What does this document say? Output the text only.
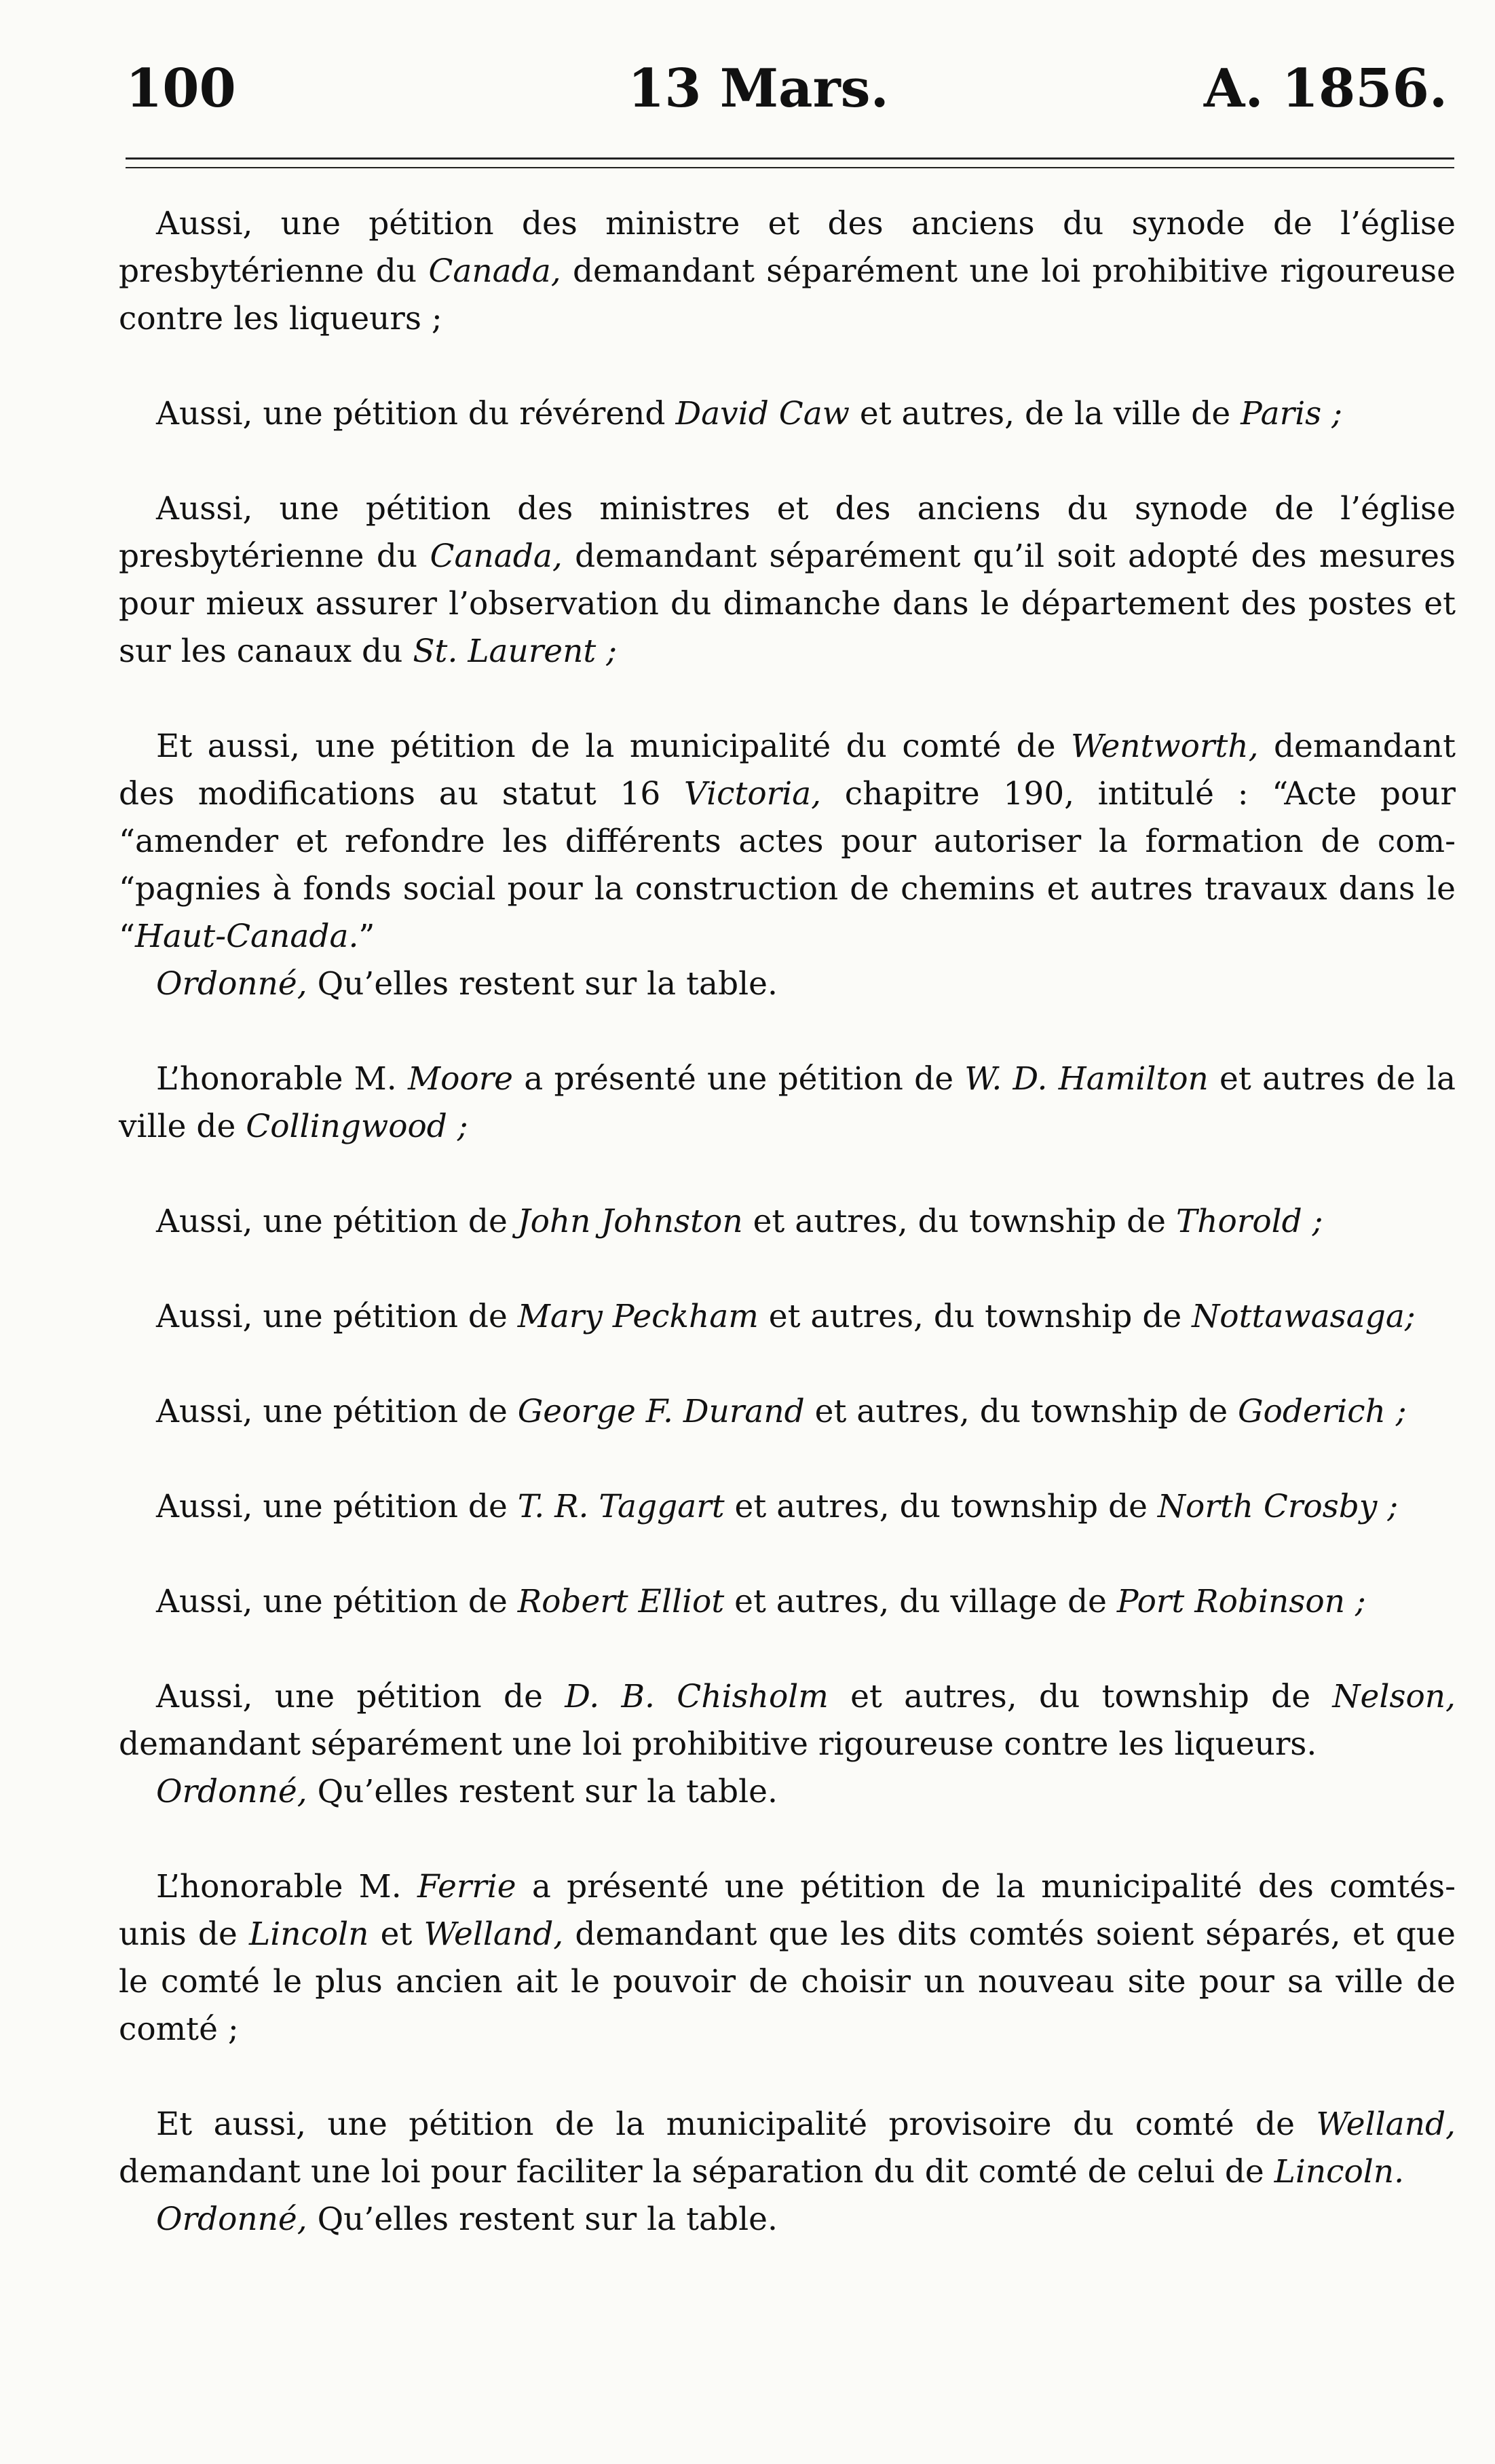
100	13 Mars.	A. 1856.

Aussi, une pétition des ministre et des anciens du synode de l’église presbytérienne du Canada, demandant séparément une loi prohibitive rigoureuse contre les liqueurs ;

Aussi, une pétition du révérend David Caw et autres, de la ville de Paris ;

Aussi, une pétition des ministres et des anciens du synode de l’église presbytérienne du Canada, demandant séparément qu’il soit adopté des mesures pour mieux assurer l’observation du dimanche dans le département des postes et sur les canaux du St. Laurent ;

Et aussi, une pétition de la municipalité du comté de Wentworth, demandant des modifications au statut 16 Victoria, chapitre 190, intitulé : “Acte pour “amender et refondre les différents actes pour autoriser la formation de com- “pagnies à fonds social pour la construction de chemins et autres travaux dans le “Haut-Canada.”

Ordonné, Qu’elles restent sur la table.

L’honorable M. Moore a présenté une pétition de W. D. Hamilton et autres de la ville de Collingwood ;

Aussi, une pétition de John Johnston et autres, du township de Thorold ;

Aussi, une pétition de Mary Peckham et autres, du township de Nottawasaga;

Aussi, une pétition de George F. Durand et autres, du township de Goderich ;

Aussi, une pétition de T. R. Taggart et autres, du township de North Crosby ;

Aussi, une pétition de Robert Elliot et autres, du village de Port Robinson ;

Aussi, une pétition de D. B. Chisholm et autres, du township de Nelson, demandant séparément une loi prohibitive rigoureuse contre les liqueurs.

Ordonné, Qu’elles restent sur la table.

L’honorable M. Ferrie a présenté une pétition de la municipalité des comtés-unis de Lincoln et Welland, demandant que les dits comtés soient séparés, et que le comté le plus ancien ait le pouvoir de choisir un nouveau site pour sa ville de comté ;

Et aussi, une pétition de la municipalité provisoire du comté de Welland, demandant une loi pour faciliter la séparation du dit comté de celui de Lincoln.

Ordonné, Qu’elles restent sur la table.
